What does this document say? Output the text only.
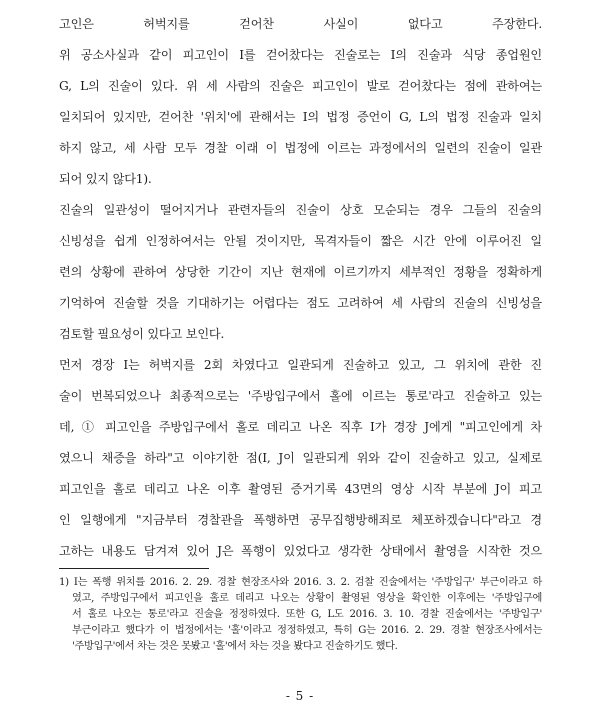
고인은 허벅지를 걷어찬 사실이 없다고 주장한다.
위 공소사실과 같이 피고인이 I를 걷어찼다는 진술로는 I의 진술과 식당 종업원인
G, L의 진술이 있다. 위 세 사람의 진술은 피고인이 발로 걷어찼다는 점에 관하여는
일치되어 있지만, 걷어찬 '위치'에 관해서는 I의 법정 증언이 G, L의 법정 진술과 일치
하지 않고, 세 사람 모두 경찰 이래 이 법정에 이르는 과정에서의 일련의 진술이 일관
되어 있지 않다1).
진술의 일관성이 떨어지거나 관련자들의 진술이 상호 모순되는 경우 그들의 진술의
신빙성을 쉽게 인정하여서는 안될 것이지만, 목격자들이 짧은 시간 안에 이루어진 일
련의 상황에 관하여 상당한 기간이 지난 현재에 이르기까지 세부적인 정황을 정확하게
기억하여 진술할 것을 기대하기는 어렵다는 점도 고려하여 세 사람의 진술의 신빙성을
검토할 필요성이 있다고 보인다.
먼저 경장 I는 허벅지를 2회 차였다고 일관되게 진술하고 있고, 그 위치에 관한 진
술이 번복되었으나 최종적으로는 '주방입구에서 홀에 이르는 통로'라고 진술하고 있는
데, ① 피고인을 주방입구에서 홀로 데리고 나온 직후 I가 경장 J에게 "피고인에게 차
였으니 채증을 하라"고 이야기한 점(I, J이 일관되게 위와 같이 진술하고 있고, 실제로
피고인을 홀로 데리고 나온 이후 촬영된 증거기록 43면의 영상 시작 부분에 J이 피고
인 일행에게 "지금부터 경찰관을 폭행하면 공무집행방해죄로 체포하겠습니다"라고 경
고하는 내용도 담겨져 있어 J은 폭행이 있었다고 생각한 상태에서 촬영을 시작한 것으
1) I는 폭행 위치를 2016. 2. 29. 경찰 현장조사와 2016. 3. 2. 검찰 진술에서는 '주방입구' 부근이라고 하
였고, 주방입구에서 피고인을 홀로 데리고 나오는 상황이 촬영된 영상을 확인한 이후에는 '주방입구에
서 홀로 나오는 통로'라고 진술을 정정하였다. 또한 G, L도 2016. 3. 10. 경찰 진술에서는 '주방입구'
부근이라고 했다가 이 법정에서는 '홀'이라고 정정하였고, 특히 G는 2016. 2. 29. 경찰 현장조사에서는
'주방입구'에서 차는 것은 못봤고 '홀'에서 차는 것을 봤다고 진술하기도 했다.
- 5 -
